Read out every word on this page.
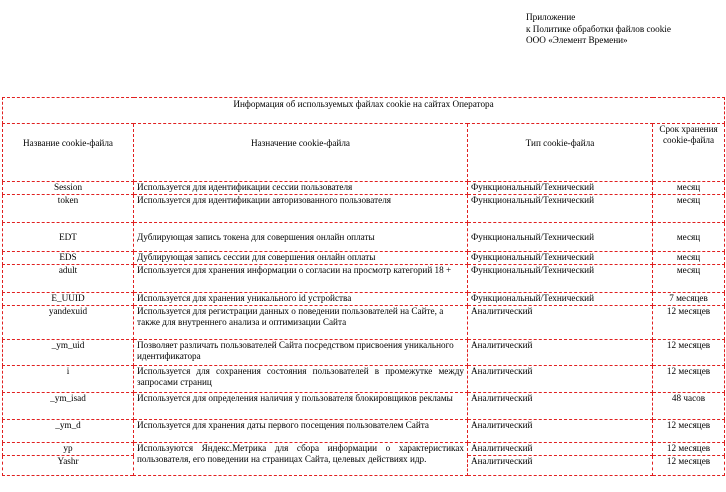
Приложение
к Политике обработки файлов cookie
ООО «Элемент Времени»
Информация об используемых файлах cookie на сайтах Оператора			
Название cookie-файла	Назначение cookie-файла	Тип cookie-файла	Срок хранения cookie-файла
Session	Используется для идентификации сессии пользователя	Функциональный/Технический	месяц
token	Используется для идентификации авторизованного пользователя	Функциональный/Технический	месяц
EDT	Дублирующая запись токена для совершения онлайн оплаты	Функциональный/Технический	месяц
EDS	Дублирующая запись сессии для совершения онлайн оплаты	Функциональный/Технический	месяц
adult	Используется для хранения информации о согласии на просмотр категорий 18 +	Функциональный/Технический	месяц
E_UUID	Используется для хранения уникального id устройства	Функциональный/Технический	7 месяцев
yandexuid	Используется для регистрации данных о поведении пользователей на Сайте, а также для внутреннего анализа и оптимизации Сайта	Аналитический	12 месяцев
_ym_uid	Позволяет различать пользователей Сайта посредством присвоения уникального идентификатора	Аналитический	12 месяцев
i	Используется для сохранения состояния пользователей в промежутке между запросами страниц	Аналитический	12 месяцев
_ym_isad	Используется для определения наличия у пользователя блокировщиков рекламы	Аналитический	48 часов
_ym_d	Используется для хранения даты первого посещения пользователем Сайта	Аналитический	12 месяцев
yp	Используются Яндекс.Метрика для сбора информации о характеристиках пользователя, его поведении на страницах Сайта, целевых действиях идр.	Аналитический	12 месяцев
Yashr		Аналитический	12 месяцев
